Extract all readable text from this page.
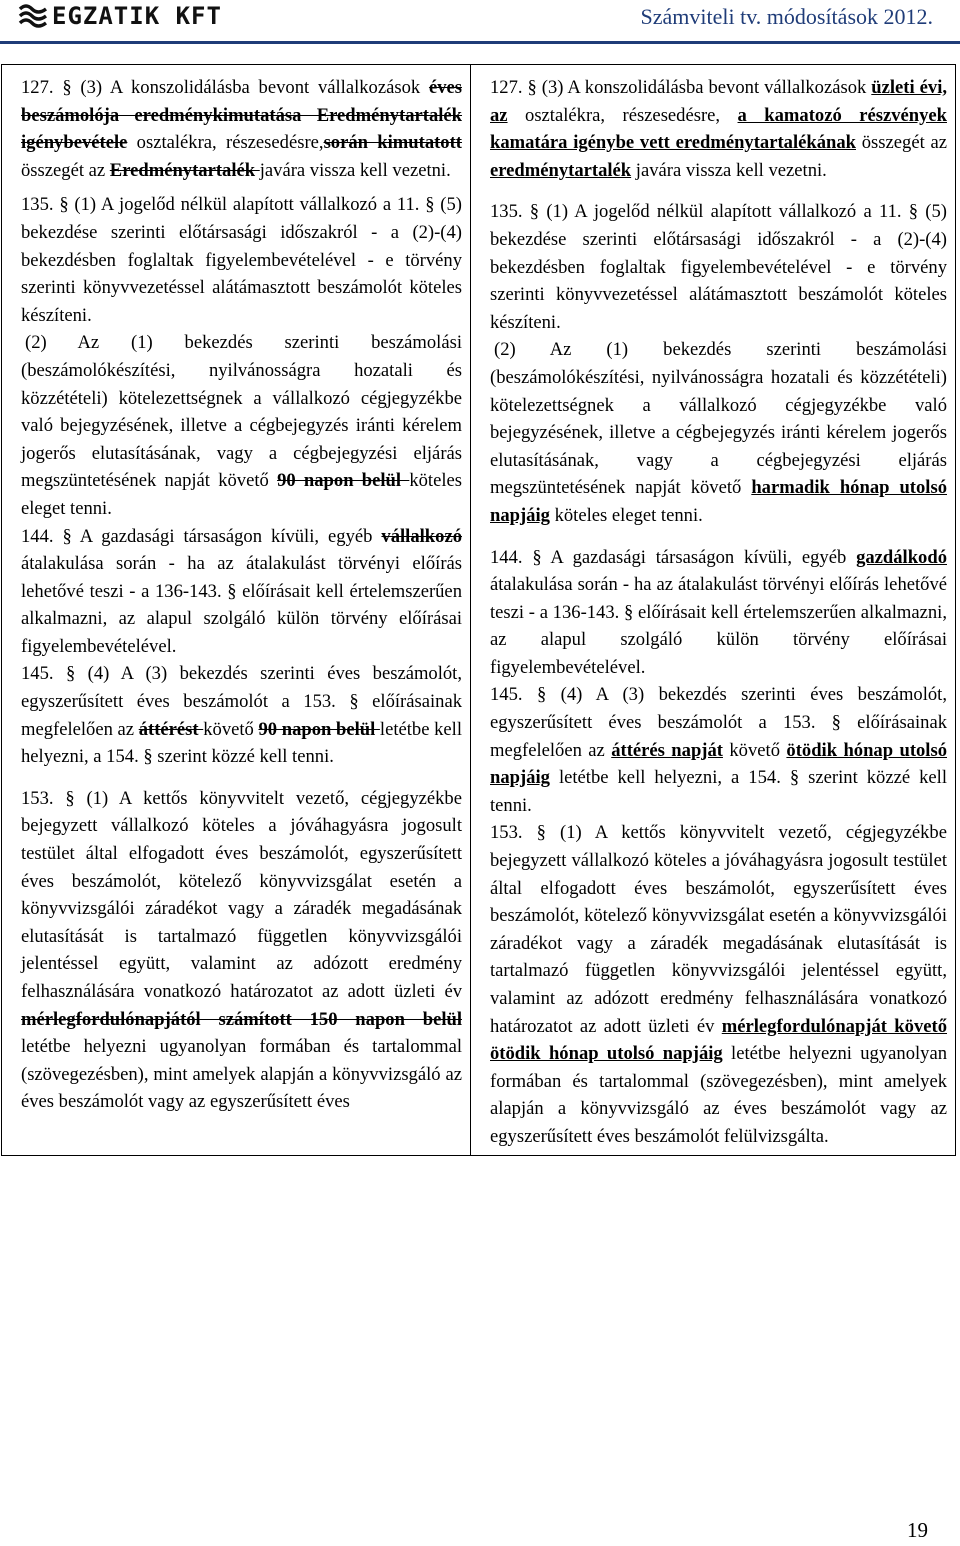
EGZATIK KFT	Számviteli tv. módosítások 2012.

127. § (3) A konszolidálásba bevont vállalkozások éves beszámolója eredménykimutatása Eredménytartalék igénybevétele osztalékra, részesedésre,során kimutatott összegét az Eredménytartalék javára vissza kell vezetni.

135. § (1) A jogelőd nélkül alapított vállalkozó a 11. § (5) bekezdése szerinti előtársasági időszakról - a (2)-(4) bekezdésben foglaltak figyelembevételével - e törvény szerinti könyvvezetéssel alátámasztott beszámolót köteles készíteni.

(2) Az (1) bekezdés szerinti beszámolási (beszámolókészítési, nyilvánosságra hozatali és közzétételi) kötelezettségnek a vállalkozó cégjegyzékbe való bejegyzésének, illetve a cégbejegyzés iránti kérelem jogerős elutasításának, vagy a cégbejegyzési eljárás megszüntetésének napját követő 90 napon belül köteles eleget tenni.

144. § A gazdasági társaságon kívüli, egyéb vállalkozó átalakulása során - ha az átalakulást törvényi előírás lehetővé teszi - a 136-143. § előírásait kell értelemszerűen alkalmazni, az alapul szolgáló külön törvény előírásai figyelembevételével.

145. § (4) A (3) bekezdés szerinti éves beszámolót, egyszerűsített éves beszámolót a 153. § előírásainak megfelelően az áttérést követő 90 napon belül letétbe kell helyezni, a 154. § szerint közzé kell tenni.

153. § (1) A kettős könyvvitelt vezető, cégjegyzékbe bejegyzett vállalkozó köteles a jóváhagyásra jogosult testület által elfogadott éves beszámolót, egyszerűsített éves beszámolót, kötelező könyvvizsgálat esetén a könyvvizsgálói záradékot vagy a záradék megadásának elutasítását is tartalmazó független könyvvizsgálói jelentéssel együtt, valamint az adózott eredmény felhasználására vonatkozó határozatot az adott üzleti év mérlegfordulónapjától számított 150 napon belül letétbe helyezni ugyanolyan formában és tartalommal (szövegezésben), mint amelyek alapján a könyvvizsgáló az éves beszámolót vagy az egyszerűsített éves

127. § (3) A konszolidálásba bevont vállalkozások üzleti évi, az osztalékra, részesedésre, a kamatozó részvények kamatára igénybe vett eredménytartalékának összegét az eredménytartalék javára vissza kell vezetni.

135. § (1) A jogelőd nélkül alapított vállalkozó a 11. § (5) bekezdése szerinti előtársasági időszakról - a (2)-(4) bekezdésben foglaltak figyelembevételével - e törvény szerinti könyvvezetéssel alátámasztott beszámolót köteles készíteni.

(2) Az (1) bekezdés szerinti beszámolási (beszámolókészítési, nyilvánosságra hozatali és közzétételi) kötelezettségnek a vállalkozó cégjegyzékbe való bejegyzésének, illetve a cégbejegyzés iránti kérelem jogerős elutasításának, vagy a cégbejegyzési eljárás megszüntetésének napját követő harmadik hónap utolsó napjáig köteles eleget tenni.

144. § A gazdasági társaságon kívüli, egyéb gazdálkodó átalakulása során - ha az átalakulást törvényi előírás lehetővé teszi - a 136-143. § előírásait kell értelemszerűen alkalmazni, az alapul szolgáló külön törvény előírásai figyelembevételével.

145. § (4) A (3) bekezdés szerinti éves beszámolót, egyszerűsített éves beszámolót a 153. § előírásainak megfelelően az áttérés napját követő ötödik hónap utolsó napjáig letétbe kell helyezni, a 154. § szerint közzé kell tenni.

153. § (1) A kettős könyvvitelt vezető, cégjegyzékbe bejegyzett vállalkozó köteles a jóváhagyásra jogosult testület által elfogadott éves beszámolót, egyszerűsített éves beszámolót, kötelező könyvvizsgálat esetén a könyvvizsgálói záradékot vagy a záradék megadásának elutasítását is tartalmazó független könyvvizsgálói jelentéssel együtt, valamint az adózott eredmény felhasználására vonatkozó határozatot az adott üzleti év mérlegfordulónapját követő ötödik hónap utolsó napjáig letétbe helyezni ugyanolyan formában és tartalommal (szövegezésben), mint amelyek alapján a könyvvizsgáló az éves beszámolót vagy az egyszerűsített éves beszámolót felülvizsgálta.

19
